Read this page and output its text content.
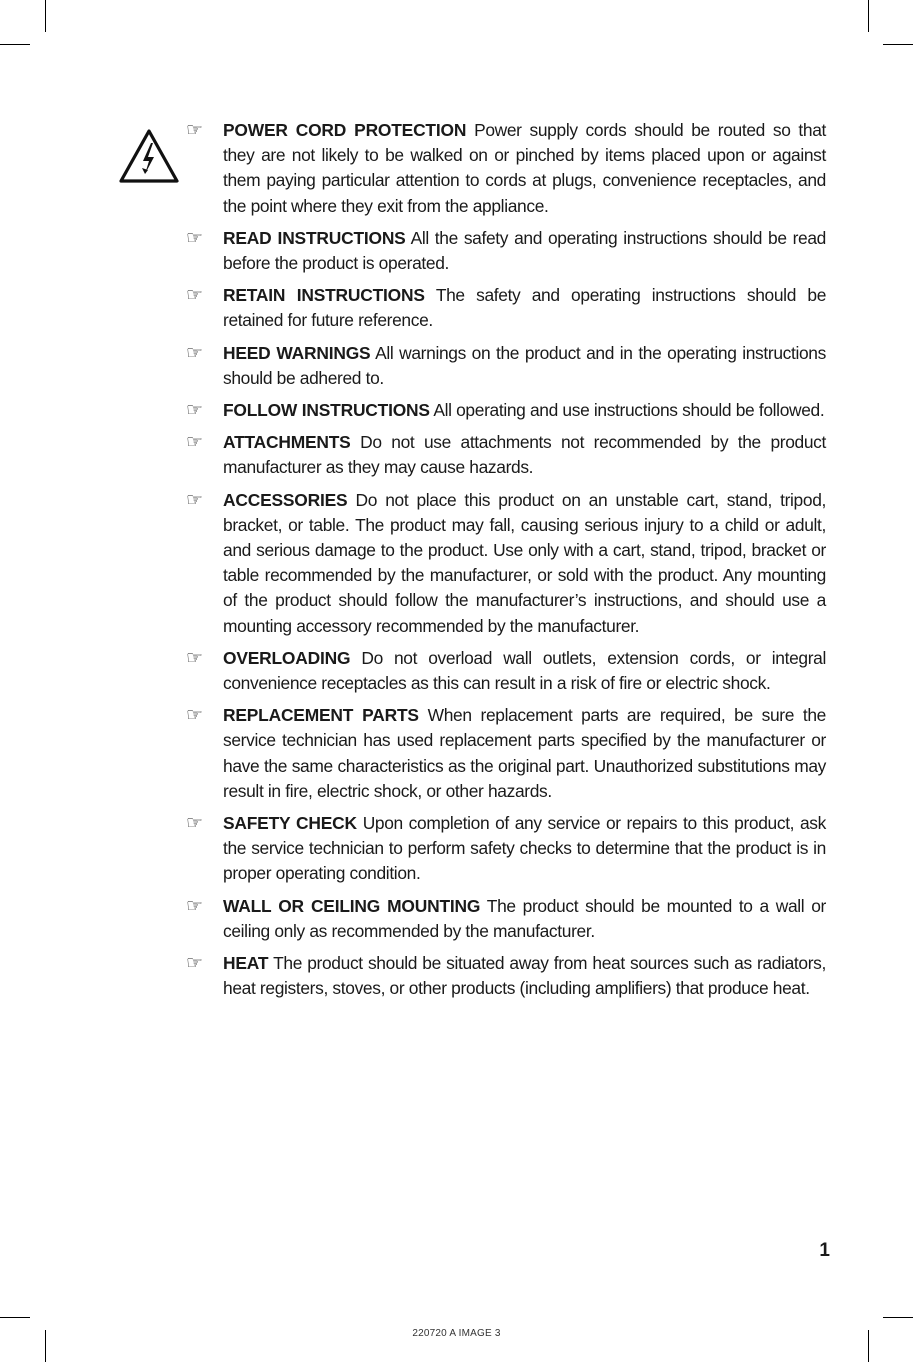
☞	POWER CORD PROTECTION Power supply cords should be routed so that they are not likely to be walked on or pinched by items placed upon or against them paying particular attention to cords at plugs, convenience receptacles, and the point where they exit from the appliance.
☞	READ INSTRUCTIONS All the safety and operating instructions should be read before the product is operated.
☞	RETAIN INSTRUCTIONS The safety and operating instructions should be retained for future reference.
☞	HEED WARNINGS All warnings on the product and in the operating instructions should be adhered to.
☞	FOLLOW INSTRUCTIONS All operating and use instructions should be followed.
☞	ATTACHMENTS Do not use attachments not recommended by the product manufacturer as they may cause hazards.
☞	ACCESSORIES Do not place this product on an unstable cart, stand, tripod, bracket, or table. The product may fall, causing serious injury to a child or adult, and serious damage to the product. Use only with a cart, stand, tripod, bracket or table recommended by the manufacturer, or sold with the product. Any mounting of the product should follow the manufacturer’s instructions, and should use a mounting accessory recommended by the manufacturer.
☞	OVERLOADING Do not overload wall outlets, extension cords, or integral convenience receptacles as this can result in a risk of fire or electric shock.
☞	REPLACEMENT PARTS When replacement parts are required, be sure the service technician has used replacement parts specified by the manufacturer or have the same characteristics as the original part. Unauthorized substitutions may result in fire, electric shock, or other hazards.
☞	SAFETY CHECK Upon completion of any service or repairs to this product, ask the service technician to perform safety checks to determine that the product is in proper operating condition.
☞	WALL OR CEILING MOUNTING The product should be mounted to a wall or ceiling only as recommended by the manufacturer.
☞	HEAT The product should be situated away from heat sources such as radiators, heat registers, stoves, or other products (including amplifiers) that produce heat.
1
220720 A IMAGE 3
